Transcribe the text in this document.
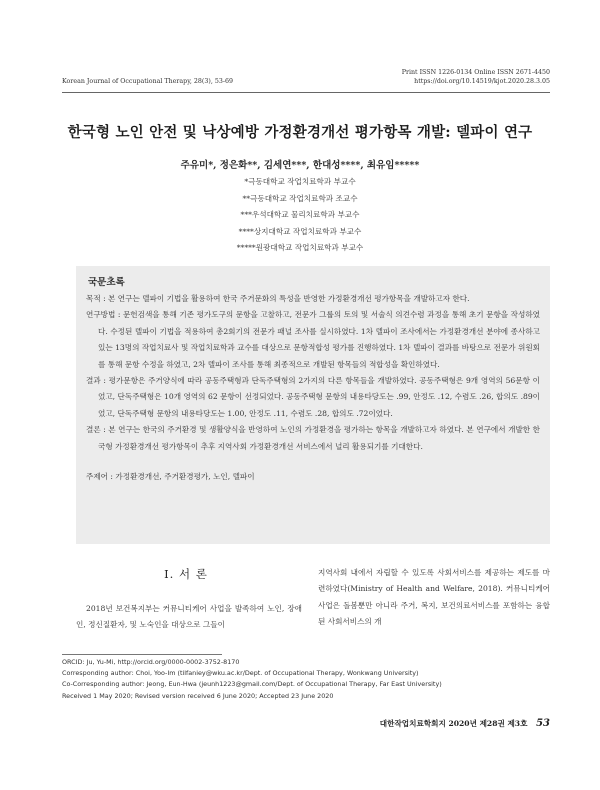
Print ISSN 1226-0134 Online ISSN 2671-4450
Korean Journal of Occupational Therapy, 28(3), 53-69	https://doi.org/10.14519/kjot.2020.28.3.05
한국형 노인 안전 및 낙상예방 가정환경개선 평가항목 개발: 델파이 연구
주유미*, 정은화**, 김세연***, 한대성****, 최유임*****
*극동대학교 작업치료학과 부교수
**극동대학교 작업치료학과 조교수
***우석대학교 물리치료학과 부교수
****상지대학교 작업치료학과 부교수
*****원광대학교 작업치료학과 부교수
국문초록

목적 : 본 연구는 델파이 기법을 활용하여 한국 주거문화의 특성을 반영한 가정환경개선 평가항목을 개발하고자 한다.

연구방법 : 문헌검색을 통해 기존 평가도구의 문항을 고찰하고, 전문가 그룹의 토의 및 서술식 의견수렴 과정을 통해 초기 문항을 작성하였다. 수정된 델파이 기법을 적용하여 총2회기의 전문가 패널 조사를 실시하였다. 1차 델파이 조사에서는 가정환경개선 분야에 종사하고 있는 13명의 작업치료사 및 작업치료학과 교수를 대상으로 문항적합성 평가를 진행하였다. 1차 델파이 결과를 바탕으로 전문가 위원회를 통해 문항 수정을 하였고, 2차 델파이 조사를 통해 최종적으로 개발된 항목들의 적합성을 확인하였다.

결과 : 평가문항은 주거양식에 따라 공동주택형과 단독주택형의 2가지의 다른 항목들을 개발하였다. 공동주택형은 9개 영역의 56문항 이었고, 단독주택형은 10개 영역의 62 문항이 선정되었다. 공동주택형 문항의 내용타당도는 .99, 안정도 .12, 수렴도 .26, 합의도 .89이었고, 단독주택형 문항의 내용타당도는 1.00, 안정도 .11, 수렴도 .28, 합의도 .72이었다.

결론 : 본 연구는 한국의 주거환경 및 생활양식을 반영하여 노인의 가정환경을 평가하는 항목을 개발하고자 하였다. 본 연구에서 개발한 한국형 가정환경개선 평가항목이 추후 지역사회 가정환경개선 서비스에서 널리 활용되기를 기대한다.

주제어 : 가정환경개선, 주거환경평가, 노인, 델파이

Ⅰ. 서 론
2018년 보건복지부는 커뮤니티케어 사업을 발족하여 노인, 장애인, 정신질환자, 및 노숙인을 대상으로 그들이
지역사회 내에서 자립할 수 있도록 사회서비스를 제공하는 제도를 마련하였다(Ministry of Health and Welfare, 2018). 커뮤니티케어 사업은 돌봄뿐만 아니라 주거, 복지, 보건의료서비스를 포함하는 융합된 사회서비스의 개
ORCID: Ju, Yu-Mi, http://orcid.org/0000-0002-3752-8170
Corresponding author: Choi, Yoo-Im (tilfaniey@wku.ac.kr/Dept. of Occupational Therapy, Wonkwang University)
Co-Corresponding author: Jeong, Eun-Hwa (jeunh1223@gmail.com/Dept. of Occupational Therapy, Far East University)
Received 1 May 2020; Revised version received 6 June 2020; Accepted 23 June 2020
대한작업치료학회지 2020년 제28권 제3호 53
